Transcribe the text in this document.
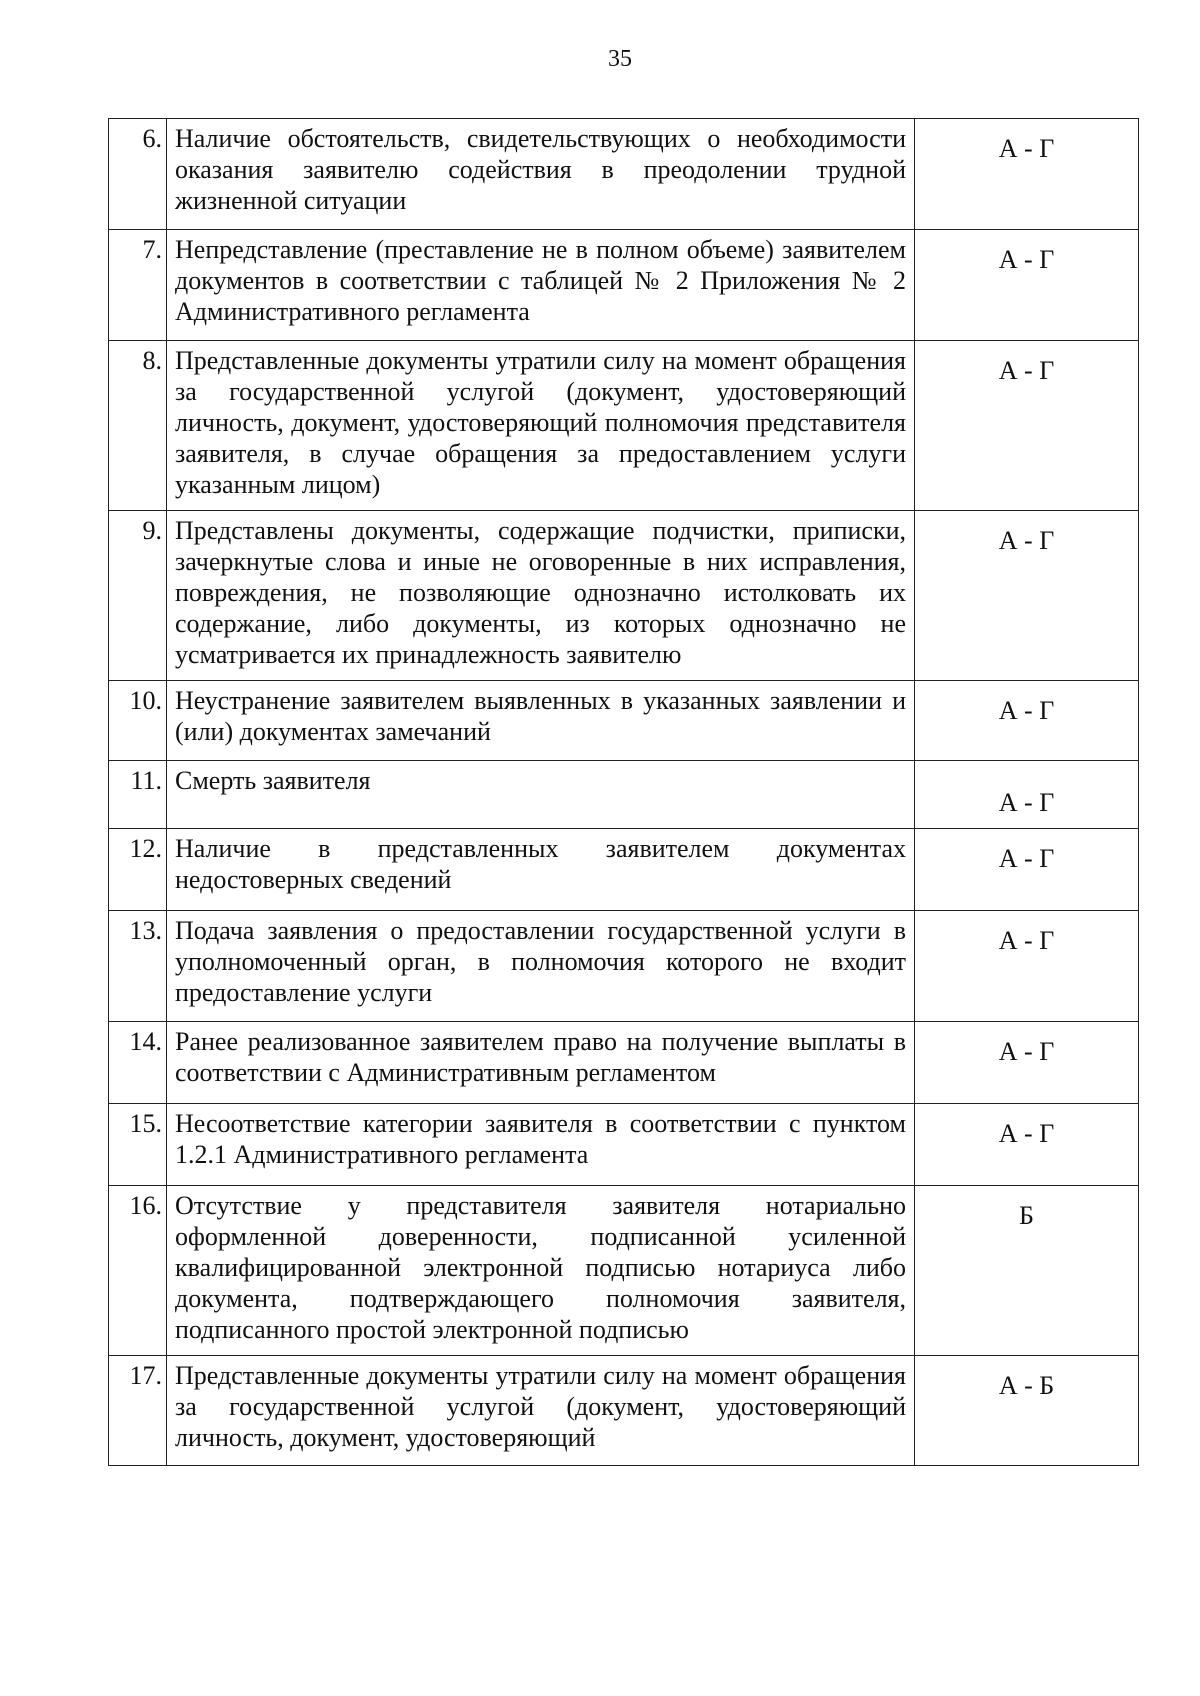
35
6.	Наличие обстоятельств, свидетельствующих о необходимости оказания заявителю содействия в преодолении трудной жизненной ситуации	А - Г
7.	Непредставление (преставление не в полном объеме) заявителем документов в соответствии с таблицей № 2 Приложения № 2 Административного регламента	А - Г
8.	Представленные документы утратили силу на момент обращения за государственной услугой (документ, удостоверяющий личность, документ, удостоверяющий полномочия представителя заявителя, в случае обращения за предоставлением услуги указанным лицом)	А - Г
9.	Представлены документы, содержащие подчистки, приписки, зачеркнутые слова и иные не оговоренные в них исправления, повреждения, не позволяющие однозначно истолковать их содержание, либо документы, из которых однозначно не усматривается их принадлежность заявителю	А - Г
10.	Неустранение заявителем выявленных в указанных заявлении и (или) документах замечаний	А - Г
11.	Смерть заявителя	А - Г
12.	Наличие в представленных заявителем документах недостоверных сведений	А - Г
13.	Подача заявления о предоставлении государственной услуги в уполномоченный орган, в полномочия которого не входит предоставление услуги	А - Г
14.	Ранее реализованное заявителем право на получение выплаты в соответствии с Административным регламентом	А - Г
15.	Несоответствие категории заявителя в соответствии с пунктом 1.2.1 Административного регламента	А - Г
16.	Отсутствие у представителя заявителя нотариально оформленной доверенности, подписанной усиленной квалифицированной электронной подписью нотариуса либо документа, подтверждающего полномочия заявителя, подписанного простой электронной подписью	Б
17.	Представленные документы утратили силу на момент обращения за государственной услугой (документ, удостоверяющий личность, документ, удостоверяющий	А - Б
